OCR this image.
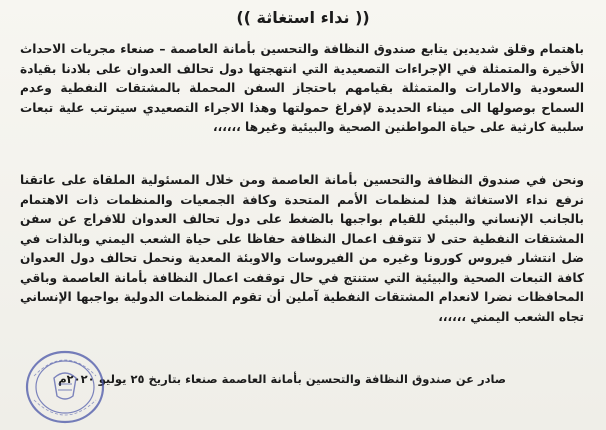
(( نداء استغاثة ))

باهتمام وقلق شديدين يتابع صندوق النظافة والتحسين بأمانة العاصمة – صنعاء مجريات الاحداث الأخيرة والمتمثلة في الإجراءات التصعيدية التي انتهجتها دول تحالف العدوان على بلادنا بقيادة السعودية والامارات والمتمثلة بقيامهم باحتجاز السفن المحملة بالمشتقات النفطية وعدم السماح بوصولها الى ميناء الحديدة لإفراغ حمولتها وهذا الاجراء التصعيدي سيترتب علية تبعات سلبية كارثية على حياة المواطنين الصحية والبيئية وغيرها ،،،،،،

ونحن في صندوق النظافة والتحسين بأمانة العاصمة ومن خلال المسئولية الملقاة على عاتقنا نرفع نداء الاستغاثة هذا لمنظمات الأمم المتحدة وكافة الجمعيات والمنظمات ذات الاهتمام بالجانب الإنساني والبيئي للقيام بواجبها بالضغط على دول تحالف العدوان للافراج عن سفن المشتقات النفطية حتى لا تتوقف اعمال النظافة حفاظا على حياة الشعب اليمني وبالذات في ضل انتشار فيروس كورونا وغيره من الفيروسات والاوبئة المعدية ونحمل تحالف دول العدوان كافة التبعات الصحية والبيئية التي ستنتج في حال توقفت اعمال النظافة بأمانة العاصمة وباقي المحافظات نضرا لانعدام المشتقات النفطية آملين أن تقوم المنظمات الدولية بواجبها الإنساني تجاه الشعب اليمني ،،،،،،

صادر عن صندوق النظافة والتحسين بأمانة العاصمة صنعاء بتاريخ ٢٥ يوليو ٢٠٢٠م
